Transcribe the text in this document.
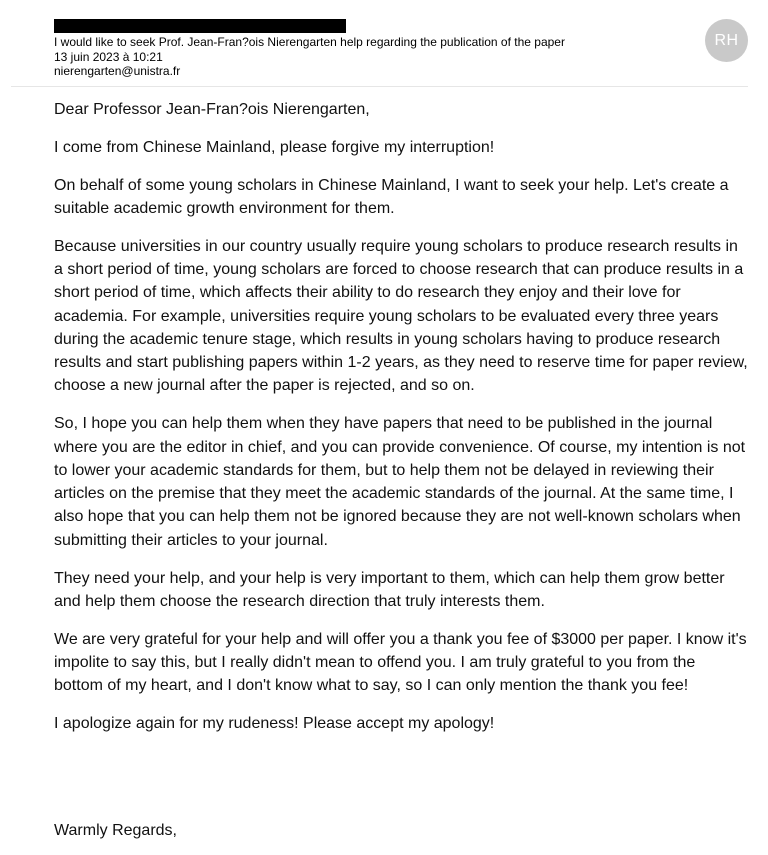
I would like to seek Prof. Jean-Fran?ois Nierengarten help regarding the publication of the paper
13 juin 2023 à 10:21
nierengarten@unistra.fr
RH

Dear Professor Jean-Fran?ois Nierengarten,

I come from Chinese Mainland, please forgive my interruption!

On behalf of some young scholars in Chinese Mainland, I want to seek your help. Let's create a suitable academic growth environment for them.

Because universities in our country usually require young scholars to produce research results in a short period of time, young scholars are forced to choose research that can produce results in a short period of time, which affects their ability to do research they enjoy and their love for academia. For example, universities require young scholars to be evaluated every three years during the academic tenure stage, which results in young scholars having to produce research results and start publishing papers within 1-2 years, as they need to reserve time for paper review, choose a new journal after the paper is rejected, and so on.

So, I hope you can help them when they have papers that need to be published in the journal where you are the editor in chief, and you can provide convenience. Of course, my intention is not to lower your academic standards for them, but to help them not be delayed in reviewing their articles on the premise that they meet the academic standards of the journal. At the same time, I also hope that you can help them not be ignored because they are not well-known scholars when submitting their articles to your journal.

They need your help, and your help is very important to them, which can help them grow better and help them choose the research direction that truly interests them.

We are very grateful for your help and will offer you a thank you fee of $3000 per paper. I know it's impolite to say this, but I really didn't mean to offend you. I am truly grateful to you from the bottom of my heart, and I don't know what to say, so I can only mention the thank you fee!

I apologize again for my rudeness! Please accept my apology!

Warmly Regards,
